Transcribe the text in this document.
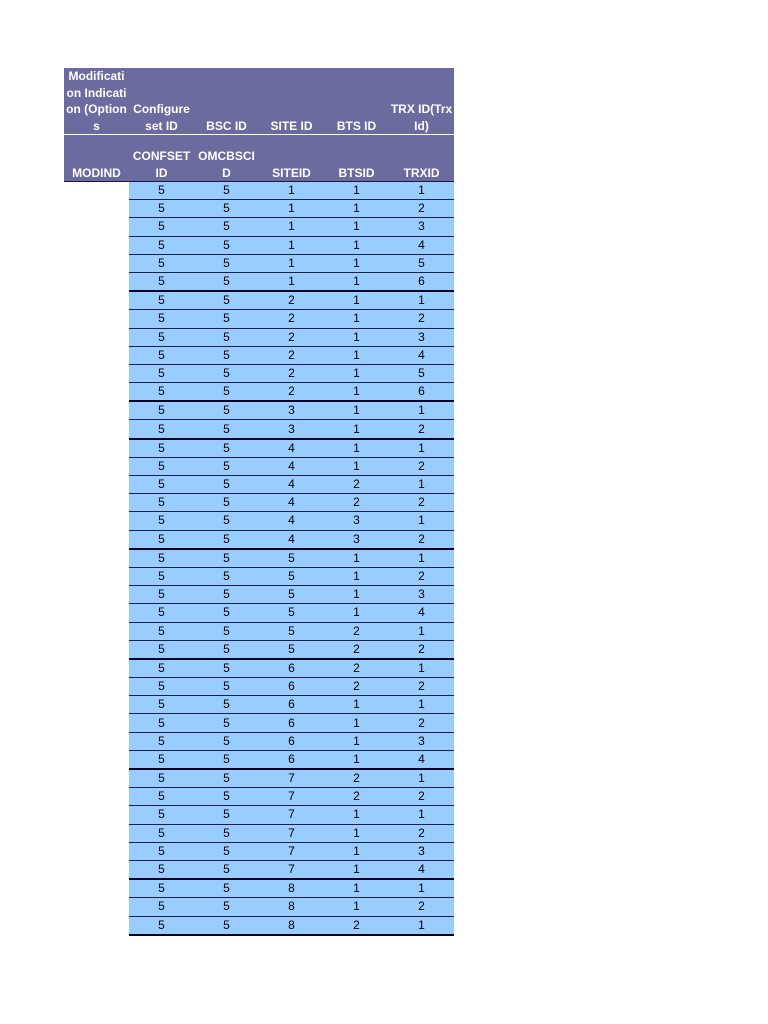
Modification Indication (Options	Configure set ID	BSC ID	SITE ID	BTS ID	TRX ID(TrxId)
MODIND	CONFSET ID	OMCBSCID	SITEID	BTSID	TRXID
	5	5	1	1	1
	5	5	1	1	2
	5	5	1	1	3
	5	5	1	1	4
	5	5	1	1	5
	5	5	1	1	6
	5	5	2	1	1
	5	5	2	1	2
	5	5	2	1	3
	5	5	2	1	4
	5	5	2	1	5
	5	5	2	1	6
	5	5	3	1	1
	5	5	3	1	2
	5	5	4	1	1
	5	5	4	1	2
	5	5	4	2	1
	5	5	4	2	2
	5	5	4	3	1
	5	5	4	3	2
	5	5	5	1	1
	5	5	5	1	2
	5	5	5	1	3
	5	5	5	1	4
	5	5	5	2	1
	5	5	5	2	2
	5	5	6	2	1
	5	5	6	2	2
	5	5	6	1	1
	5	5	6	1	2
	5	5	6	1	3
	5	5	6	1	4
	5	5	7	2	1
	5	5	7	2	2
	5	5	7	1	1
	5	5	7	1	2
	5	5	7	1	3
	5	5	7	1	4
	5	5	8	1	1
	5	5	8	1	2
	5	5	8	2	1
